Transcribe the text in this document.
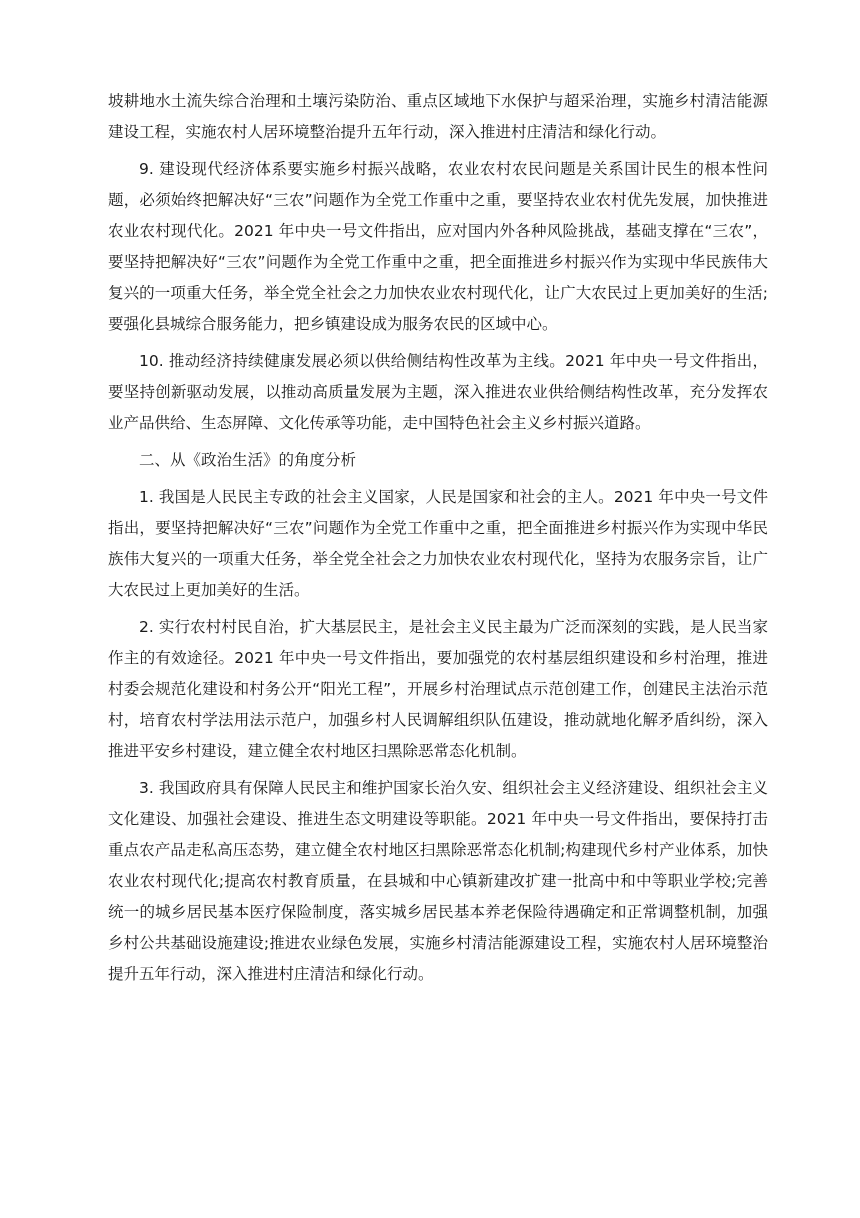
坡耕地水土流失综合治理和土壤污染防治、重点区域地下水保护与超采治理，实施乡村清洁能源建设工程，实施农村人居环境整治提升五年行动，深入推进村庄清洁和绿化行动。

9. 建设现代经济体系要实施乡村振兴战略，农业农村农民问题是关系国计民生的根本性问题，必须始终把解决好“三农”问题作为全党工作重中之重，要坚持农业农村优先发展，加快推进农业农村现代化。2021 年中央一号文件指出，应对国内外各种风险挑战，基础支撑在“三农”，要坚持把解决好“三农”问题作为全党工作重中之重，把全面推进乡村振兴作为实现中华民族伟大复兴的一项重大任务，举全党全社会之力加快农业农村现代化，让广大农民过上更加美好的生活;要强化县城综合服务能力，把乡镇建设成为服务农民的区域中心。

10. 推动经济持续健康发展必须以供给侧结构性改革为主线。2021 年中央一号文件指出，要坚持创新驱动发展，以推动高质量发展为主题，深入推进农业供给侧结构性改革，充分发挥农业产品供给、生态屏障、文化传承等功能，走中国特色社会主义乡村振兴道路。

二、从《政治生活》的角度分析

1. 我国是人民民主专政的社会主义国家，人民是国家和社会的主人。2021 年中央一号文件指出，要坚持把解决好“三农”问题作为全党工作重中之重，把全面推进乡村振兴作为实现中华民族伟大复兴的一项重大任务，举全党全社会之力加快农业农村现代化，坚持为农服务宗旨，让广大农民过上更加美好的生活。

2. 实行农村村民自治，扩大基层民主，是社会主义民主最为广泛而深刻的实践，是人民当家作主的有效途径。2021 年中央一号文件指出，要加强党的农村基层组织建设和乡村治理，推进村委会规范化建设和村务公开“阳光工程”，开展乡村治理试点示范创建工作，创建民主法治示范村，培育农村学法用法示范户，加强乡村人民调解组织队伍建设，推动就地化解矛盾纠纷，深入推进平安乡村建设，建立健全农村地区扫黑除恶常态化机制。

3. 我国政府具有保障人民民主和维护国家长治久安、组织社会主义经济建设、组织社会主义文化建设、加强社会建设、推进生态文明建设等职能。2021 年中央一号文件指出，要保持打击重点农产品走私高压态势，建立健全农村地区扫黑除恶常态化机制;构建现代乡村产业体系，加快农业农村现代化;提高农村教育质量，在县城和中心镇新建改扩建一批高中和中等职业学校;完善统一的城乡居民基本医疗保险制度，落实城乡居民基本养老保险待遇确定和正常调整机制，加强乡村公共基础设施建设;推进农业绿色发展，实施乡村清洁能源建设工程，实施农村人居环境整治提升五年行动，深入推进村庄清洁和绿化行动。
